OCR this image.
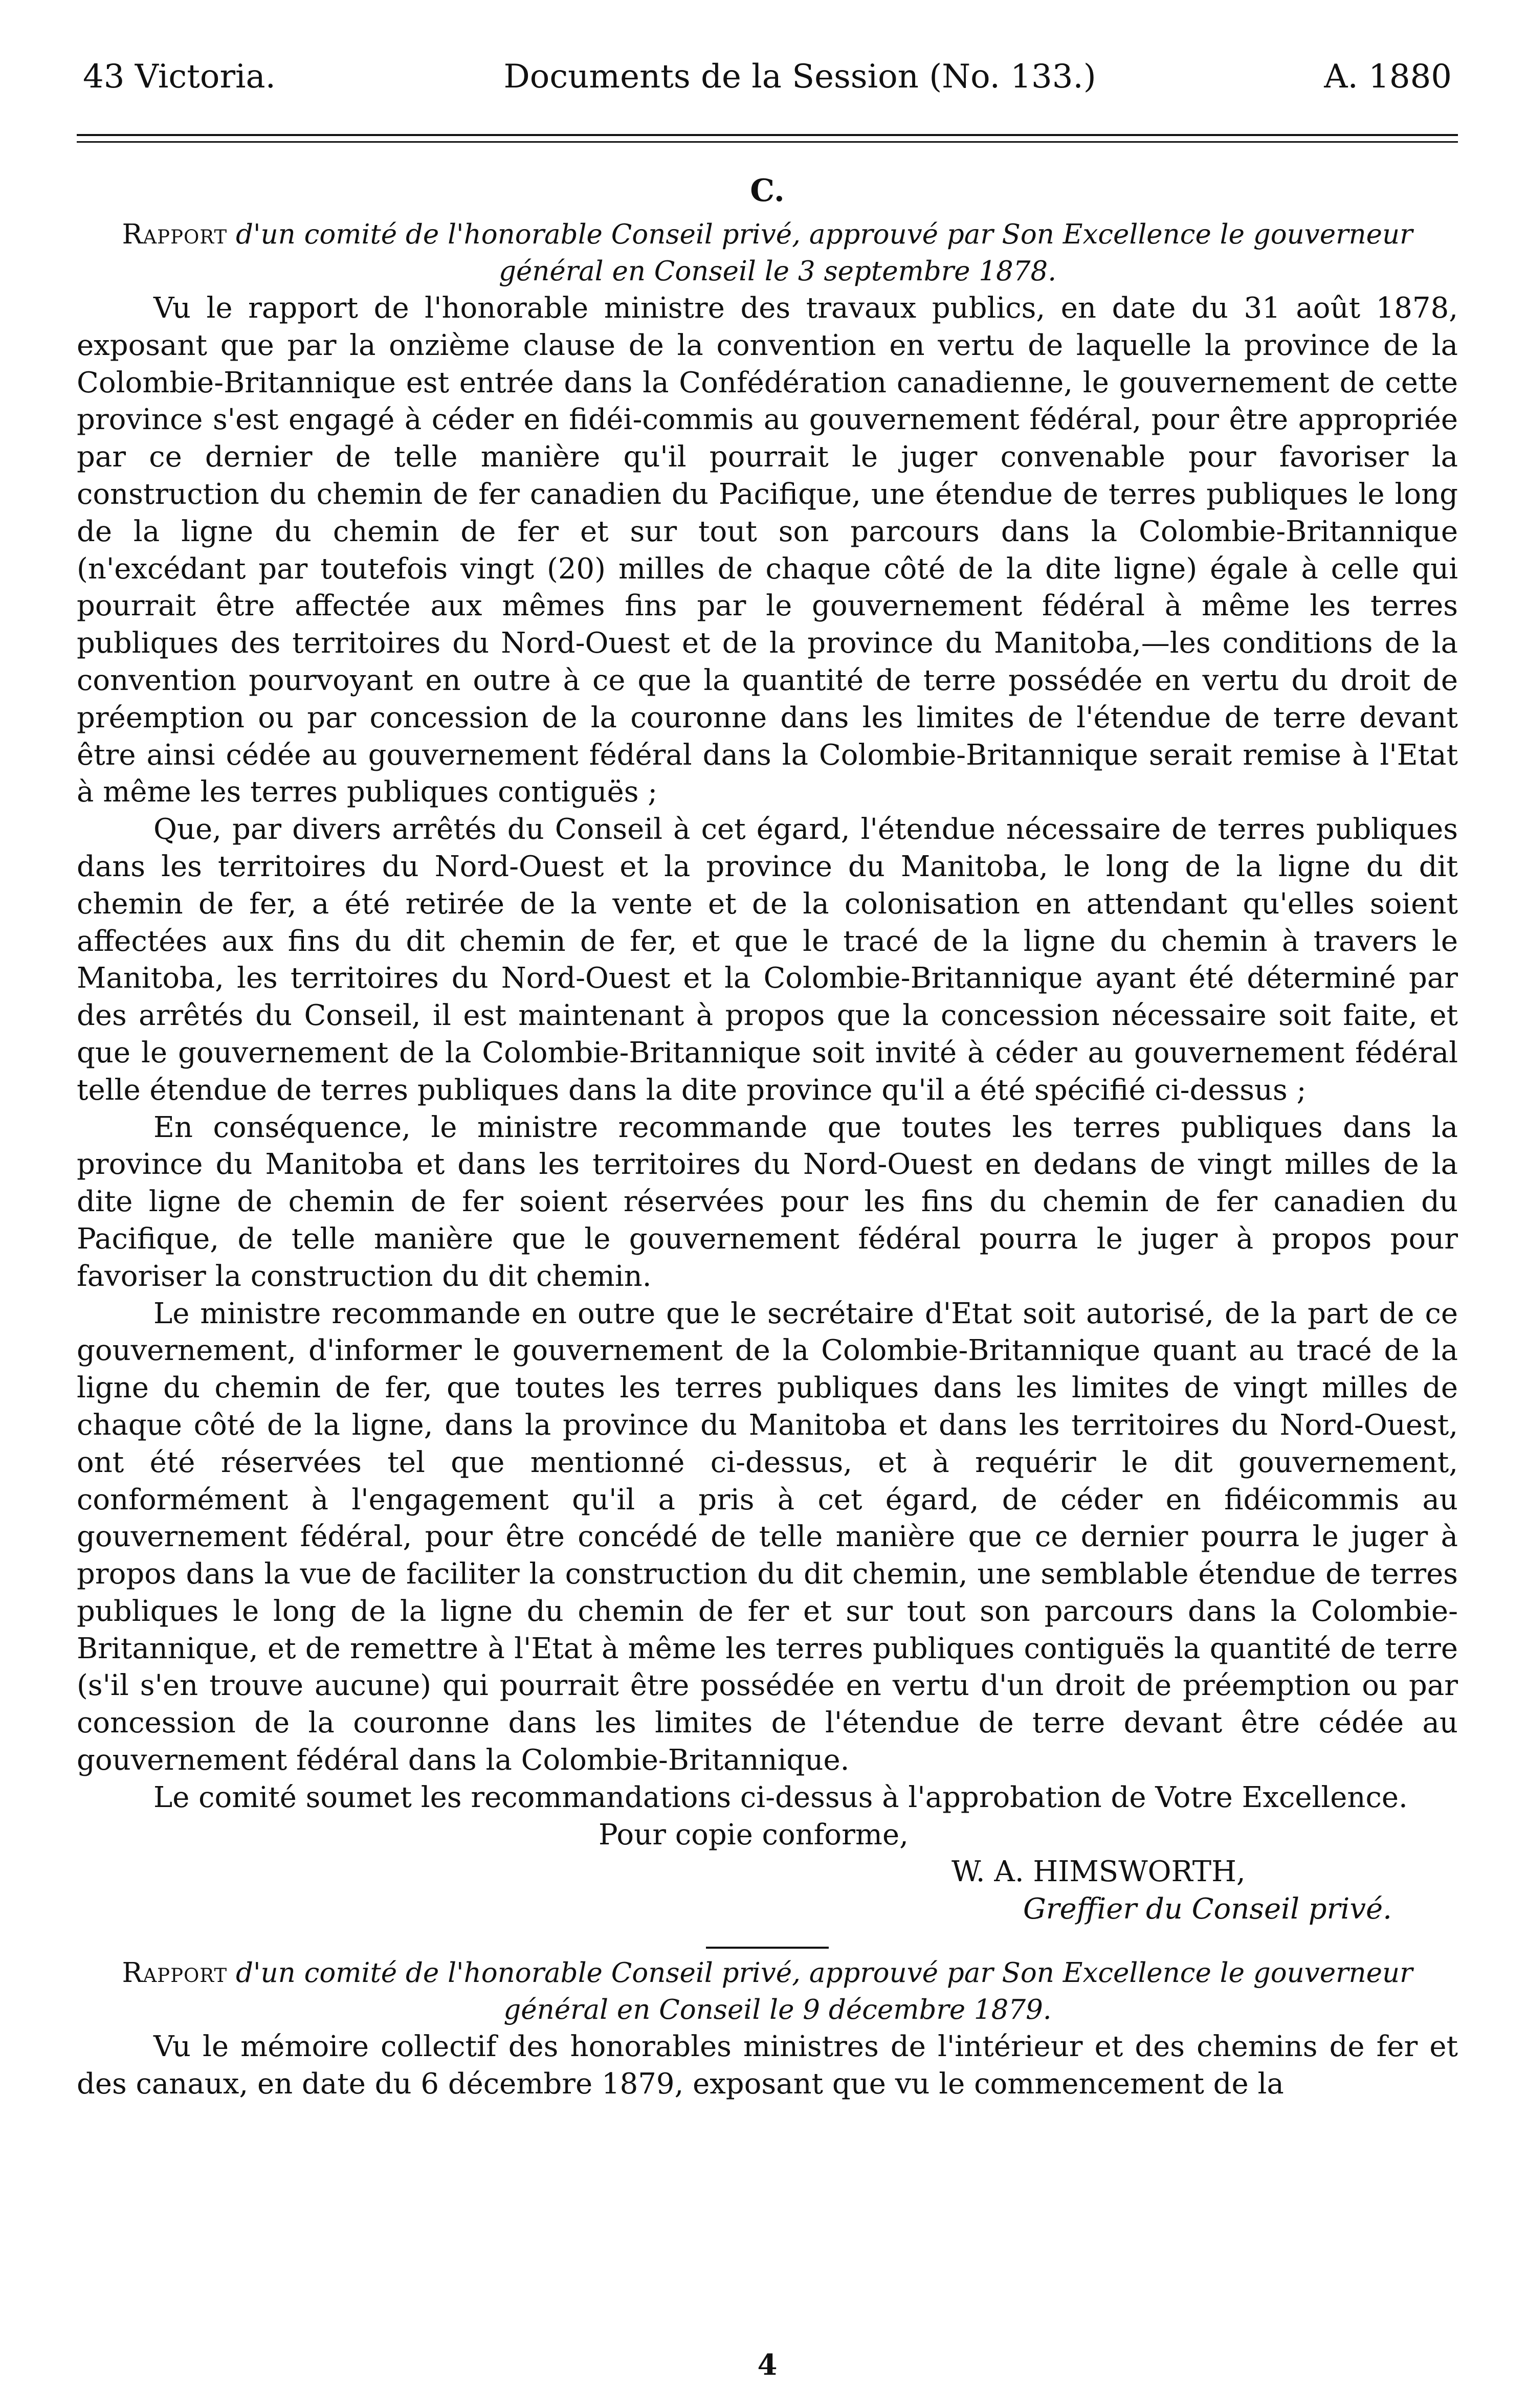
43 Victoria.	Documents de la Session (No. 133.)	A. 1880
C.
Rapport d'un comité de l'honorable Conseil privé, approuvé par Son Excellence le gouverneur général en Conseil le 3 septembre 1878.

Vu le rapport de l'honorable ministre des travaux publics, en date du 31 août 1878, exposant que par la onzième clause de la convention en vertu de laquelle la province de la Colombie-Britannique est entrée dans la Confédération canadienne, le gouvernement de cette province s'est engagé à céder en fidéi-commis au gouvernement fédéral, pour être appropriée par ce dernier de telle manière qu'il pourrait le juger convenable pour favoriser la construction du chemin de fer canadien du Pacifique, une étendue de terres publiques le long de la ligne du chemin de fer et sur tout son parcours dans la Colombie-Britannique (n'excédant par toutefois vingt (20) milles de chaque côté de la dite ligne) égale à celle qui pourrait être affectée aux mêmes fins par le gouvernement fédéral à même les terres publiques des territoires du Nord-Ouest et de la province du Manitoba,—les conditions de la convention pourvoyant en outre à ce que la quantité de terre possédée en vertu du droit de préemption ou par concession de la couronne dans les limites de l'étendue de terre devant être ainsi cédée au gouvernement fédéral dans la Colombie-Britannique serait remise à l'Etat à même les terres publiques contiguës ;

Que, par divers arrêtés du Conseil à cet égard, l'étendue nécessaire de terres publiques dans les territoires du Nord-Ouest et la province du Manitoba, le long de la ligne du dit chemin de fer, a été retirée de la vente et de la colonisation en attendant qu'elles soient affectées aux fins du dit chemin de fer, et que le tracé de la ligne du chemin à travers le Manitoba, les territoires du Nord-Ouest et la Colombie-Britannique ayant été déterminé par des arrêtés du Conseil, il est maintenant à propos que la concession nécessaire soit faite, et que le gouvernement de la Colombie-Britannique soit invité à céder au gouvernement fédéral telle étendue de terres publiques dans la dite province qu'il a été spécifié ci-dessus ;

En conséquence, le ministre recommande que toutes les terres publiques dans la province du Manitoba et dans les territoires du Nord-Ouest en dedans de vingt milles de la dite ligne de chemin de fer soient réservées pour les fins du chemin de fer canadien du Pacifique, de telle manière que le gouvernement fédéral pourra le juger à propos pour favoriser la construction du dit chemin.

Le ministre recommande en outre que le secrétaire d'Etat soit autorisé, de la part de ce gouvernement, d'informer le gouvernement de la Colombie-Britannique quant au tracé de la ligne du chemin de fer, que toutes les terres publiques dans les limites de vingt milles de chaque côté de la ligne, dans la province du Manitoba et dans les territoires du Nord-Ouest, ont été réservées tel que mentionné ci-dessus, et à requérir le dit gouvernement, conformément à l'engagement qu'il a pris à cet égard, de céder en fidéicommis au gouvernement fédéral, pour être concédé de telle manière que ce dernier pourra le juger à propos dans la vue de faciliter la construction du dit chemin, une semblable étendue de terres publiques le long de la ligne du chemin de fer et sur tout son parcours dans la Colombie-Britannique, et de remettre à l'Etat à même les terres publiques contiguës la quantité de terre (s'il s'en trouve aucune) qui pourrait être possédée en vertu d'un droit de préemption ou par concession de la couronne dans les limites de l'étendue de terre devant être cédée au gouvernement fédéral dans la Colombie-Britannique.

Le comité soumet les recommandations ci-dessus à l'approbation de Votre Excellence.

Pour copie conforme,
W. A. HIMSWORTH,
Greffier du Conseil privé.
Rapport d'un comité de l'honorable Conseil privé, approuvé par Son Excellence le gouverneur général en Conseil le 9 décembre 1879.

Vu le mémoire collectif des honorables ministres de l'intérieur et des chemins de fer et des canaux, en date du 6 décembre 1879, exposant que vu le commencement de la

4
